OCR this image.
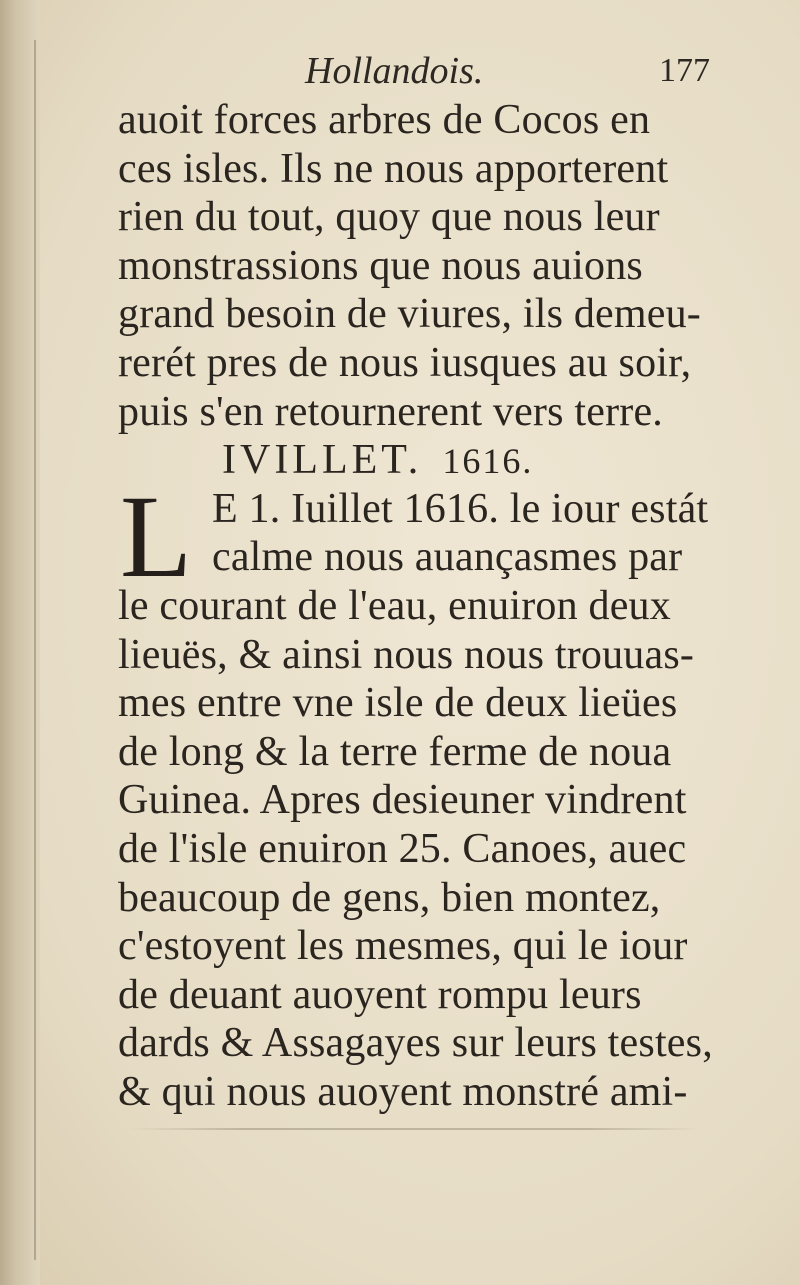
Hollandois.	177
auoit forces arbres de Cocos en
ces isles. Ils ne nous apporterent
rien du tout, quoy que nous leur
monstrassions que nous auions
grand besoin de viures, ils demeu-
rerét pres de nous iusques au soir,
puis s'en retournerent vers terre.
IVILLET. 1616.
L E 1. Iuillet 1616. le iour estát
calme nous auançasmes par
le courant de l'eau, enuiron deux
lieuës, & ainsi nous nous trouuas-
mes entre vne isle de deux lieües
de long & la terre ferme de noua
Guinea. Apres desieuner vindrent
de l'isle enuiron 25. Canoes, auec
beaucoup de gens, bien montez,
c'estoyent les mesmes, qui le iour
de deuant auoyent rompu leurs
dards & Assagayes sur leurs testes,
& qui nous auoyent monstré ami-
